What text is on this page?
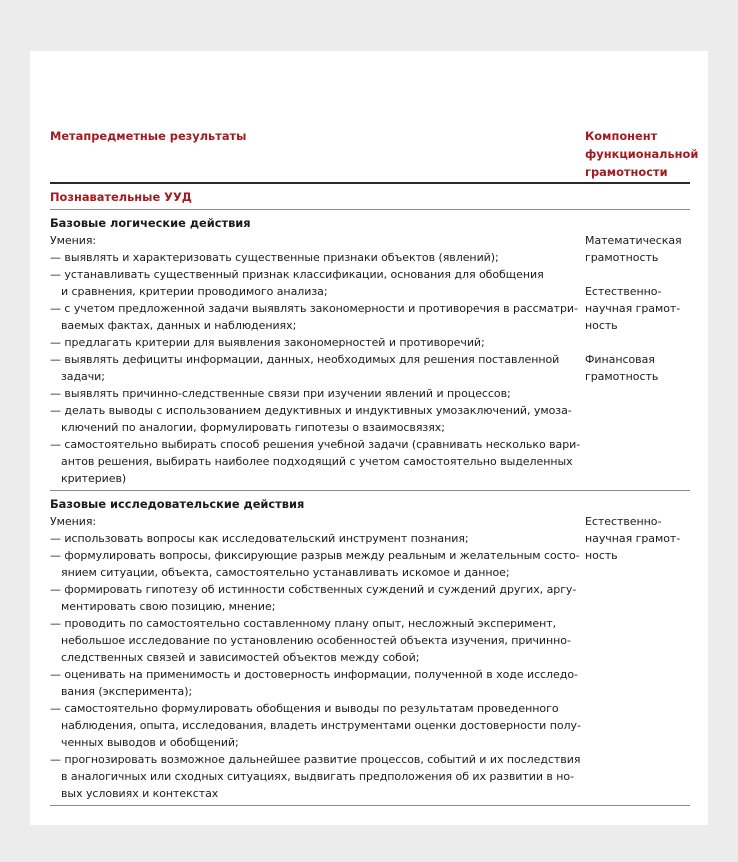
Метапредметные результаты	Компонент
функциональной
грамотности
Познавательные УУД
Базовые логические действия
Умения:
— выявлять и характеризовать существенные признаки объектов (явлений);
— устанавливать существенный признак классификации, основания для обобщения
и сравнения, критерии проводимого анализа;
— с учетом предложенной задачи выявлять закономерности и противоречия в рассматри-
ваемых фактах, данных и наблюдениях;
— предлагать критерии для выявления закономерностей и противоречий;
— выявлять дефициты информации, данных, необходимых для решения поставленной
задачи;
— выявлять причинно-следственные связи при изучении явлений и процессов;
— делать выводы с использованием дедуктивных и индуктивных умозаключений, умоза-
ключений по аналогии, формулировать гипотезы о взаимосвязях;
— самостоятельно выбирать способ решения учебной задачи (сравнивать несколько вари-
антов решения, выбирать наиболее подходящий с учетом самостоятельно выделенных
критериев)
Математическая
грамотность
Естественно-
научная грамот-
ность
Финансовая
грамотность
Базовые исследовательские действия
Умения:
— использовать вопросы как исследовательский инструмент познания;
— формулировать вопросы, фиксирующие разрыв между реальным и желательным состо-
янием ситуации, объекта, самостоятельно устанавливать искомое и данное;
— формировать гипотезу об истинности собственных суждений и суждений других, аргу-
ментировать свою позицию, мнение;
— проводить по самостоятельно составленному плану опыт, несложный эксперимент,
небольшое исследование по установлению особенностей объекта изучения, причинно-
следственных связей и зависимостей объектов между собой;
— оценивать на применимость и достоверность информации, полученной в ходе исследо-
вания (эксперимента);
— самостоятельно формулировать обобщения и выводы по результатам проведенного
наблюдения, опыта, исследования, владеть инструментами оценки достоверности полу-
ченных выводов и обобщений;
— прогнозировать возможное дальнейшее развитие процессов, событий и их последствия
в аналогичных или сходных ситуациях, выдвигать предположения об их развитии в но-
вых условиях и контекстах
Естественно-
научная грамот-
ность
